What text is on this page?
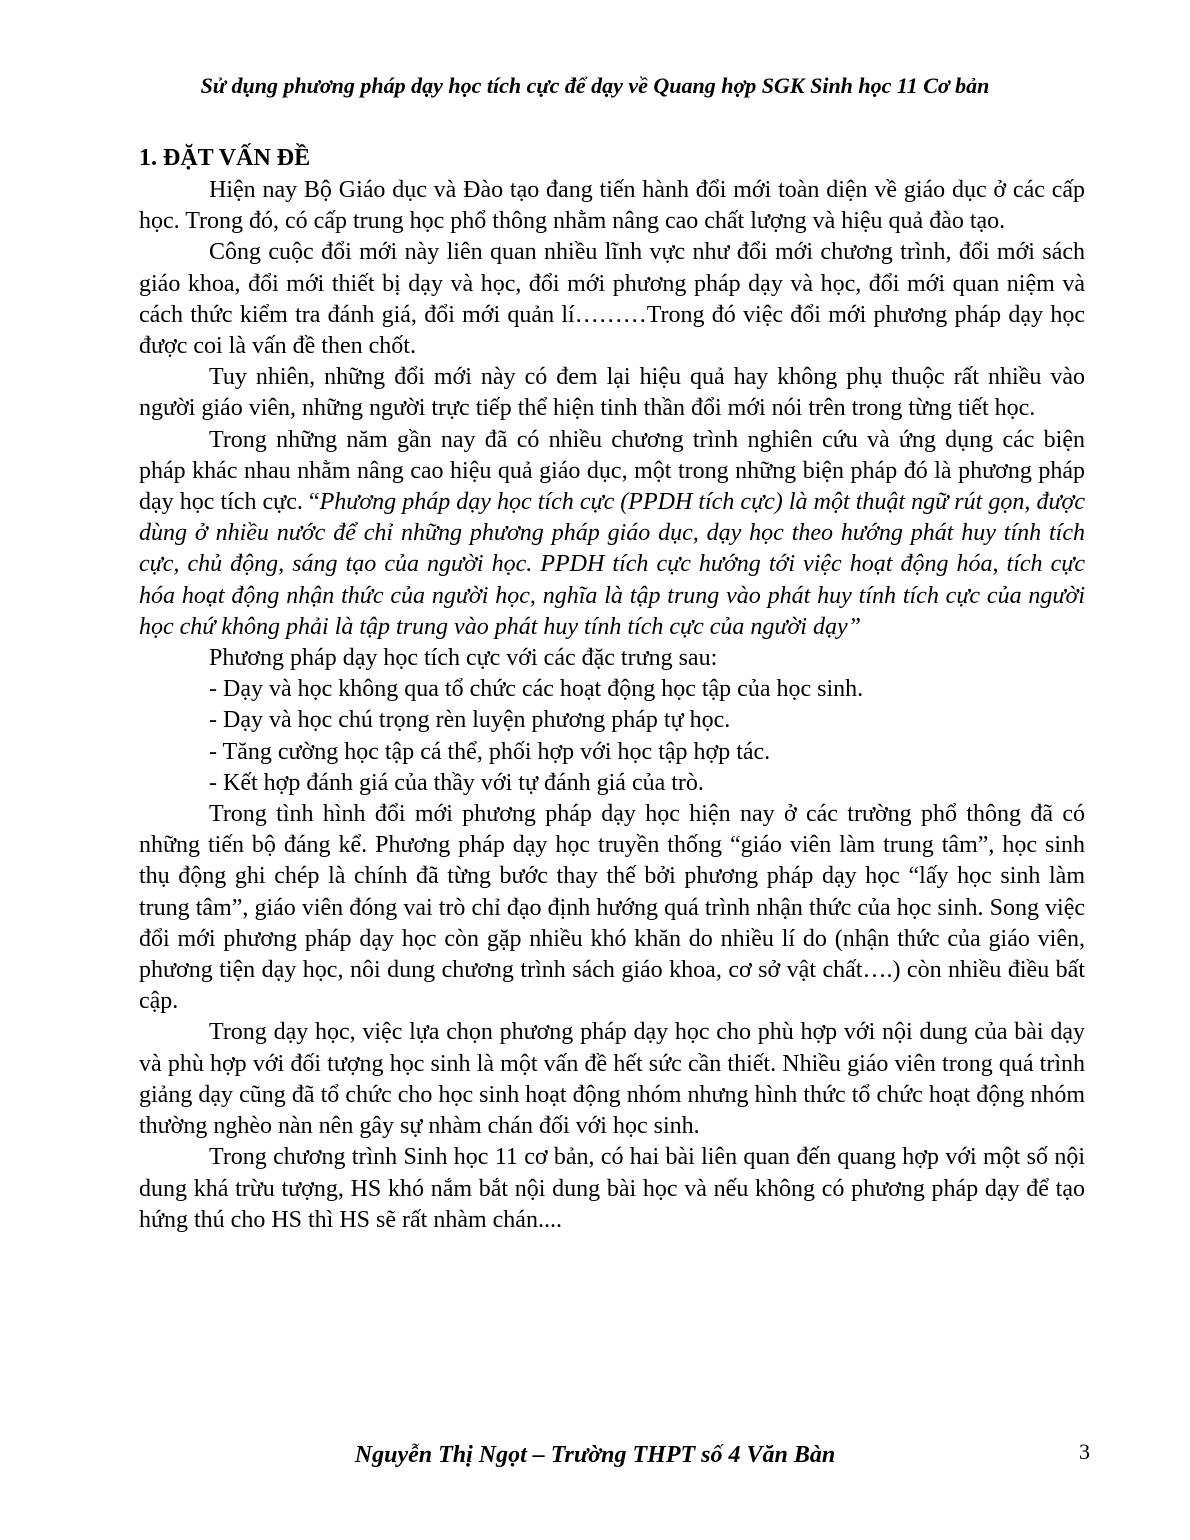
Sử dụng phương pháp dạy học tích cực để dạy về Quang hợp SGK Sinh học 11 Cơ bản
1. ĐẶT VẤN ĐỀ

Hiện nay Bộ Giáo dục và Đào tạo đang tiến hành đổi mới toàn diện về giáo dục ở các cấp học. Trong đó, có cấp trung học phổ thông nhằm nâng cao chất lượng và hiệu quả đào tạo.

Công cuộc đổi mới này liên quan nhiều lĩnh vực như đổi mới chương trình, đổi mới sách giáo khoa, đổi mới thiết bị dạy và học, đổi mới phương pháp dạy và học, đổi mới quan niệm và cách thức kiểm tra đánh giá, đổi mới quản lí………Trong đó việc đổi mới phương pháp dạy học được coi là vấn đề then chốt.

Tuy nhiên, những đổi mới này có đem lại hiệu quả hay không phụ thuộc rất nhiều vào người giáo viên, những người trực tiếp thể hiện tinh thần đổi mới nói trên trong từng tiết học.

Trong những năm gần nay đã có nhiều chương trình nghiên cứu và ứng dụng các biện pháp khác nhau nhằm nâng cao hiệu quả giáo dục, một trong những biện pháp đó là phương pháp dạy học tích cực. “Phương pháp dạy học tích cực (PPDH tích cực) là một thuật ngữ rút gọn, được dùng ở nhiều nước để chỉ những phương pháp giáo dục, dạy học theo hướng phát huy tính tích cực, chủ động, sáng tạo của người học. PPDH tích cực hướng tới việc hoạt động hóa, tích cực hóa hoạt động nhận thức của người học, nghĩa là tập trung vào phát huy tính tích cực của người học chứ không phải là tập trung vào phát huy tính tích cực của người dạy”

Phương pháp dạy học tích cực với các đặc trưng sau:

- Dạy và học không qua tổ chức các hoạt động học tập của học sinh.

- Dạy và học chú trọng rèn luyện phương pháp tự học.

- Tăng cường học tập cá thể, phối hợp với học tập hợp tác.

- Kết hợp đánh giá của thầy với tự đánh giá của trò.

Trong tình hình đổi mới phương pháp dạy học hiện nay ở các trường phổ thông đã có những tiến bộ đáng kể. Phương pháp dạy học truyền thống “giáo viên làm trung tâm”, học sinh thụ động ghi chép là chính đã từng bước thay thế bởi phương pháp dạy học “lấy học sinh làm trung tâm”, giáo viên đóng vai trò chỉ đạo định hướng quá trình nhận thức của học sinh. Song việc đổi mới phương pháp dạy học còn gặp nhiều khó khăn do nhiều lí do (nhận thức của giáo viên, phương tiện dạy học, nôi dung chương trình sách giáo khoa, cơ sở vật chất….) còn nhiều điều bất cập.

Trong dạy học, việc lựa chọn phương pháp dạy học cho phù hợp với nội dung của bài dạy và phù hợp với đối tượng học sinh là một vấn đề hết sức cần thiết. Nhiều giáo viên trong quá trình giảng dạy cũng đã tổ chức cho học sinh hoạt động nhóm nhưng hình thức tổ chức hoạt động nhóm thường nghèo nàn nên gây sự nhàm chán đối với học sinh.

Trong chương trình Sinh học 11 cơ bản, có hai bài liên quan đến quang hợp với một số nội dung khá trừu tượng, HS khó nắm bắt nội dung bài học và nếu không có phương pháp dạy để tạo hứng thú cho HS thì HS sẽ rất nhàm chán....

Nguyễn Thị Ngọt – Trường THPT số 4 Văn Bàn	3
